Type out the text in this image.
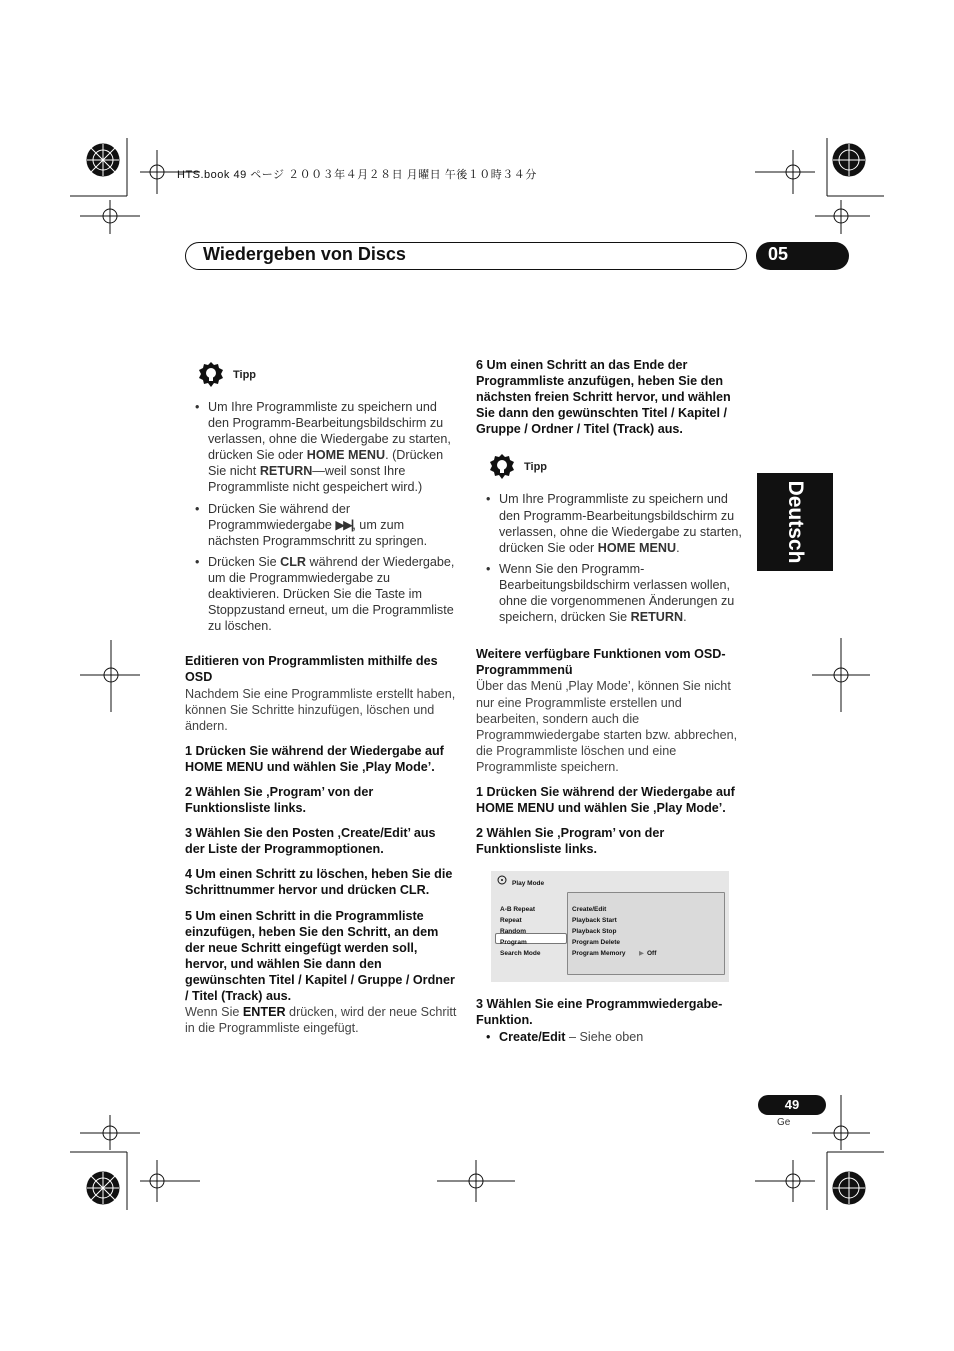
HTS.book 49 ページ ２００３年４月２８日 月曜日 午後１０時３４分
Wiedergeben von Discs	05
Deutsch
Tipp
• Um Ihre Programmliste zu speichern und den Programm-Bearbeitungsbildschirm zu verlassen, ohne die Wiedergabe zu starten, drücken Sie oder HOME MENU. (Drücken Sie nicht RETURN—weil sonst Ihre Programmliste nicht gespeichert wird.)
• Drücken Sie während der Programmwiedergabe ▶▶|, um zum nächsten Programmschritt zu springen.
• Drücken Sie CLR während der Wiedergabe, um die Programmwiedergabe zu deaktivieren. Drücken Sie die Taste im Stoppzustand erneut, um die Programmliste zu löschen.

Editieren von Programmlisten mithilfe des OSD

Nachdem Sie eine Programmliste erstellt haben, können Sie Schritte hinzufügen, löschen und ändern.

1 Drücken Sie während der Wiedergabe auf HOME MENU und wählen Sie ‚Play Mode’.

2 Wählen Sie ‚Program’ von der Funktionsliste links.

3 Wählen Sie den Posten ‚Create/Edit’ aus der Liste der Programmoptionen.

4 Um einen Schritt zu löschen, heben Sie die Schrittnummer hervor und drücken CLR.

5 Um einen Schritt in die Programmliste einzufügen, heben Sie den Schritt, an dem der neue Schritt eingefügt werden soll, hervor, und wählen Sie dann den gewünschten Titel / Kapitel / Gruppe / Ordner / Titel (Track) aus.

Wenn Sie ENTER drücken, wird der neue Schritt in die Programmliste eingefügt.

6 Um einen Schritt an das Ende der Programmliste anzufügen, heben Sie den nächsten freien Schritt hervor, und wählen Sie dann den gewünschten Titel / Kapitel / Gruppe / Ordner / Titel (Track) aus.

Tipp
• Um Ihre Programmliste zu speichern und den Programm-Bearbeitungsbildschirm zu verlassen, ohne die Wiedergabe zu starten, drücken Sie oder HOME MENU.
• Wenn Sie den Programm-Bearbeitungsbildschirm verlassen wollen, ohne die vorgenommenen Änderungen zu speichern, drücken Sie RETURN.

Weitere verfügbare Funktionen vom OSD-Programmmenü

Über das Menü ‚Play Mode’, können Sie nicht nur eine Programmliste erstellen und bearbeiten, sondern auch die Programmwiedergabe starten bzw. abbrechen, die Programmliste löschen und eine Programmliste speichern.

1 Drücken Sie während der Wiedergabe auf HOME MENU und wählen Sie ‚Play Mode’.

2 Wählen Sie ‚Program’ von der Funktionsliste links.

Play Mode
A-B Repeat
Repeat
Random
Program
Search Mode
Create/Edit
Playback Start
Playback Stop
Program Delete
Program Memory ▶ Off

3 Wählen Sie eine Programmwiedergabe-Funktion.

• Create/Edit – Siehe oben
49
Ge
